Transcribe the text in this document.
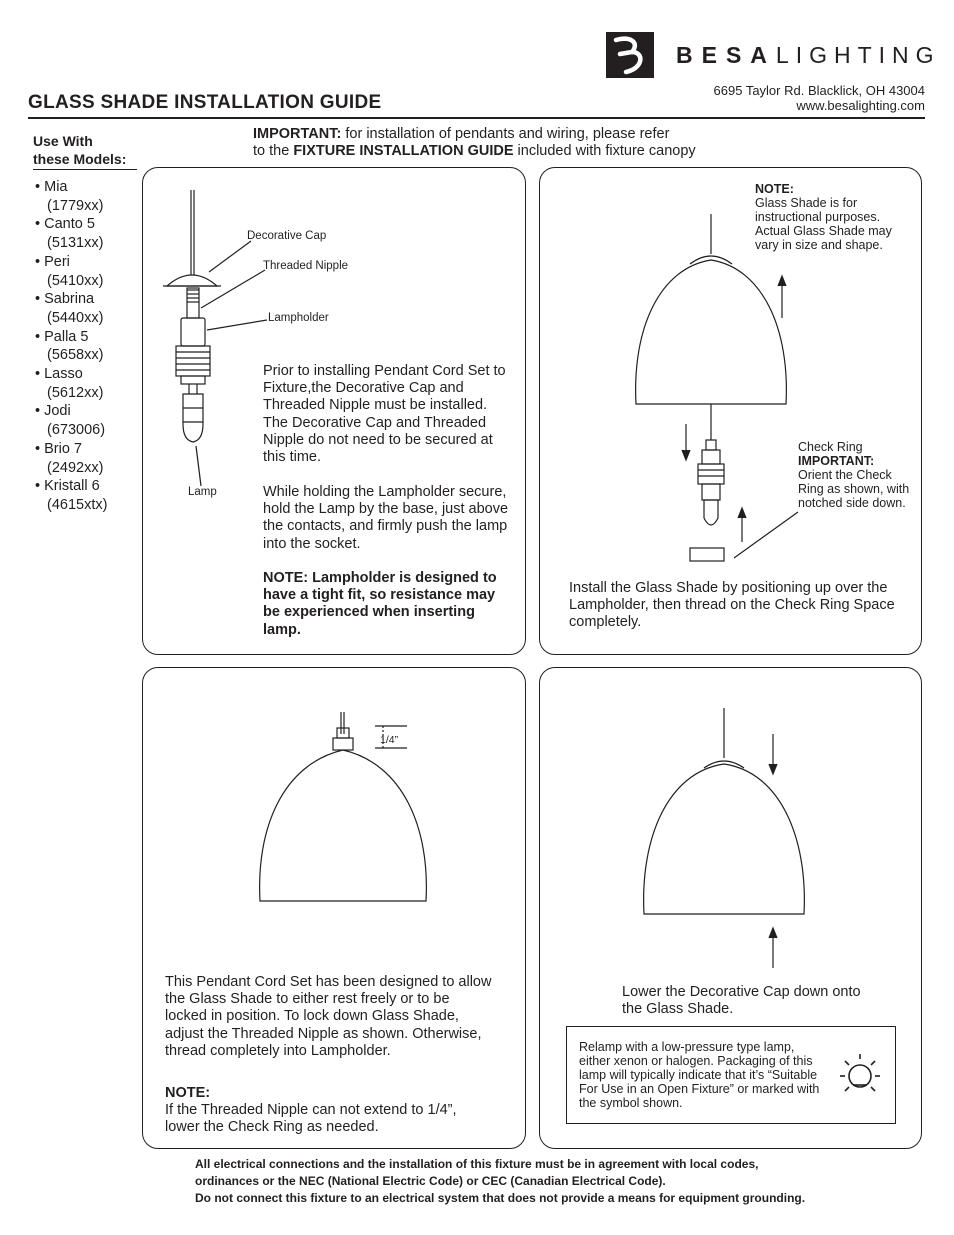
BESALIGHTING
6695 Taylor Rd. Blacklick, OH 43004
www.besalighting.com
GLASS SHADE INSTALLATION GUIDE
Use With
these Models:
• Mia
(1779xx)
• Canto 5
(5131xx)
• Peri
(5410xx)
• Sabrina
(5440xx)
• Palla 5
(5658xx)
• Lasso
(5612xx)
• Jodi
(673006)
• Brio 7
(2492xx)
• Kristall 6
(4615xtx)
IMPORTANT: for installation of pendants and wiring, please refer
to the FIXTURE INSTALLATION GUIDE included with fixture canopy
Decorative Cap
Threaded Nipple
Lampholder
Lamp
Prior to installing Pendant Cord Set to Fixture,the Decorative Cap and Threaded Nipple must be installed. The Decorative Cap and Threaded Nipple do not need to be secured at this time.
While holding the Lampholder secure, hold the Lamp by the base, just above the contacts, and firmly push the lamp into the socket.
NOTE: Lampholder is designed to have a tight fit, so resistance may be experienced when inserting lamp.
NOTE:
Glass Shade is for instructional purposes. Actual Glass Shade may vary in size and shape.
Check Ring
IMPORTANT:
Orient the Check Ring as shown, with notched side down.
Install the Glass Shade by positioning up over the Lampholder, then thread on the Check Ring Space completely.
1/4”
This Pendant Cord Set has been designed to allow the Glass Shade to either rest freely or to be locked in position. To lock down Glass Shade, adjust the Threaded Nipple as shown. Otherwise, thread completely into Lampholder.
NOTE:
If the Threaded Nipple can not extend to 1/4”, lower the Check Ring as needed.
Lower the Decorative Cap down onto the Glass Shade.
Relamp with a low-pressure type lamp, either xenon or halogen. Packaging of this lamp will typically indicate that it’s “Suitable For Use in an Open Fixture” or marked with the symbol shown.
All electrical connections and the installation of this fixture must be in agreement with local codes,
ordinances or the NEC (National Electric Code) or CEC (Canadian Electrical Code).
Do not connect this fixture to an electrical system that does not provide a means for equipment grounding.
